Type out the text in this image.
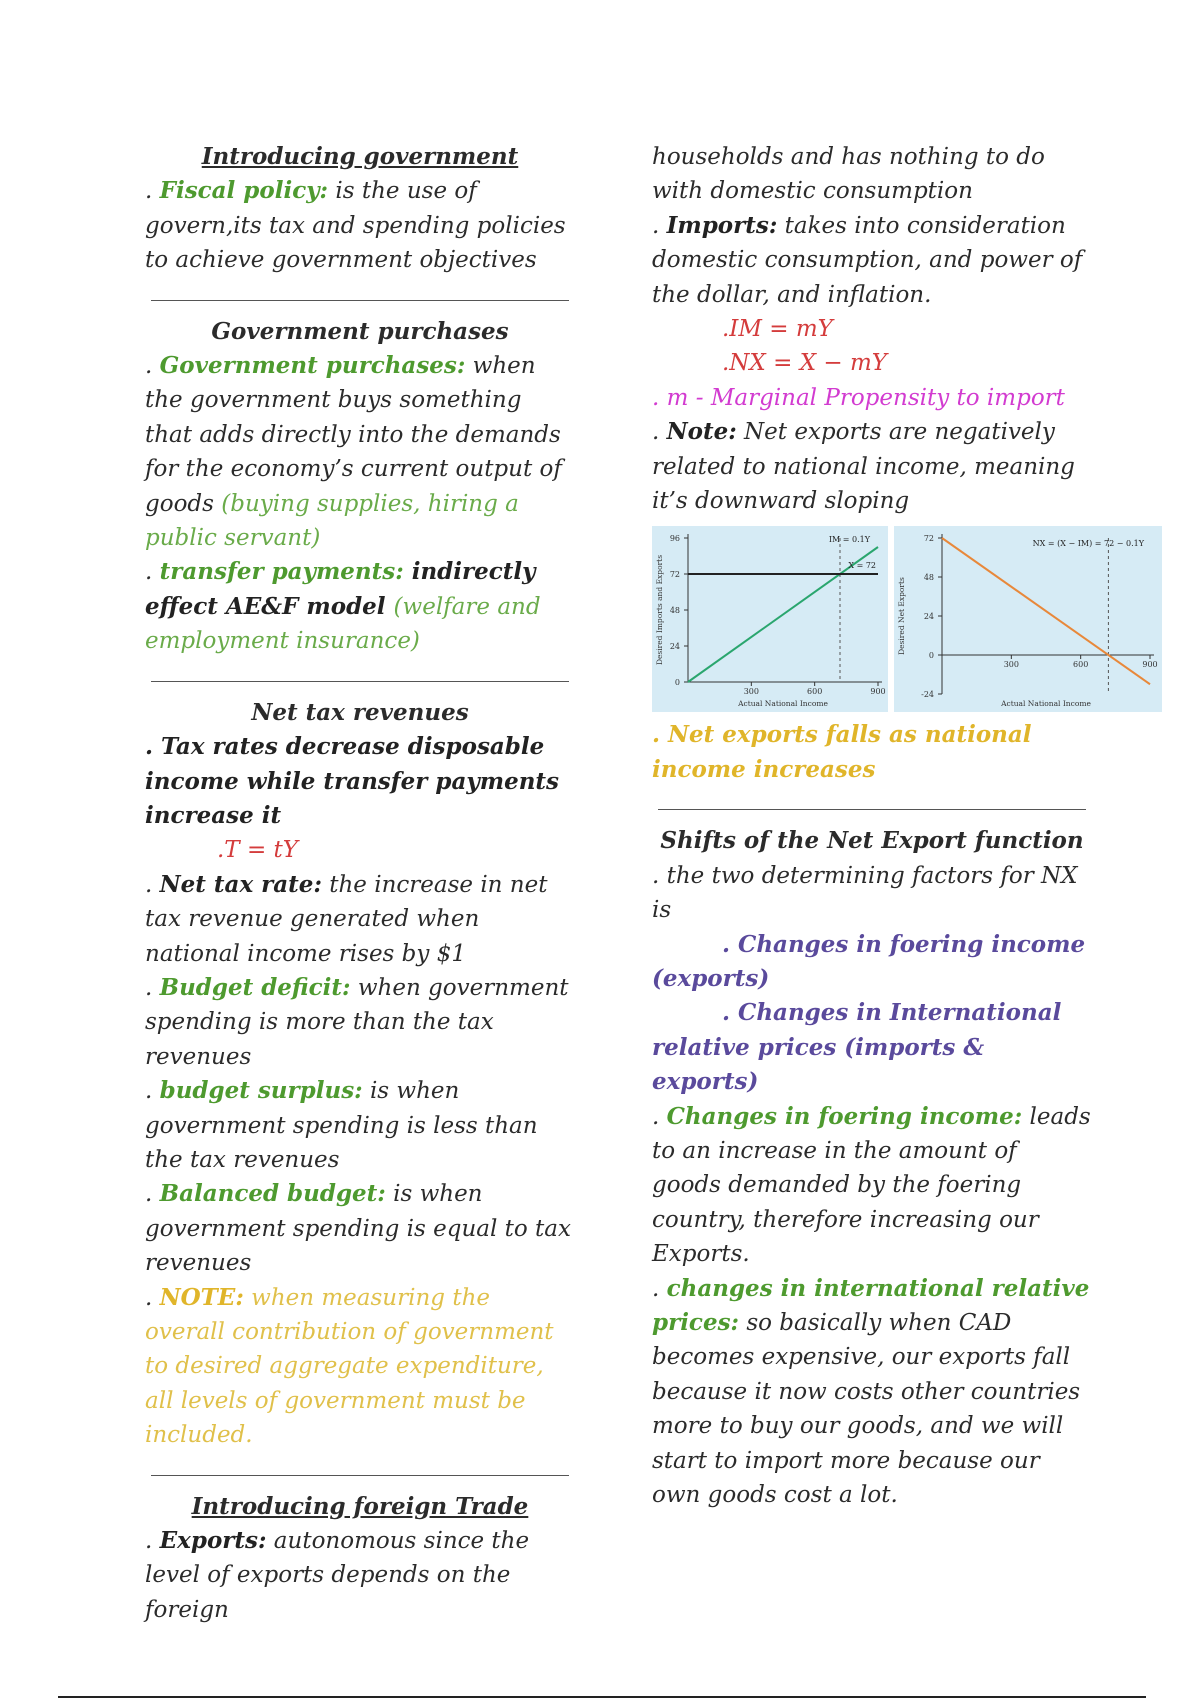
Introducing government

. Fiscal policy: is the use of govern,its tax and spending policies to achieve government objectives

Government purchases

. Government purchases: when the government buys something that adds directly into the demands for the economy’s current output of goods (buying supplies, hiring a public servant)

. transfer payments: indirectly effect AE&F model (welfare and employment insurance)

Net tax revenues

. Tax rates decrease disposable income while transfer payments increase it

.T = tY

. Net tax rate: the increase in net tax revenue generated when national income rises by $1

. Budget deficit: when government spending is more than the tax revenues

. budget surplus: is when government spending is less than the tax revenues

. Balanced budget: is when government spending is equal to tax revenues

. NOTE: when measuring the overall contribution of government to desired aggregate expenditure, all levels of government must be included.

Introducing foreign Trade

. Exports: autonomous since the level of exports depends on the foreign

households and has nothing to do with domestic consumption

. Imports: takes into consideration domestic consumption, and power of the dollar, and inflation.

.IM = mY

.NX = X − mY

. m - Marginal Propensity to import

. Note: Net exports are negatively related to national income, meaning it’s downward sloping

0
24
48
72
96
300	600	900
IM = 0.1Y
X = 72
Actual National Income
Desired Imports and Exports
-24
0
24
48
72
300	600	900
NX = (X − IM) = 72 − 0.1Y
Actual National Income
Desired Net Exports

. Net exports falls as national income increases

Shifts of the Net Export function

. the two determining factors for NX is

. Changes in foering income
(exports)

. Changes in International
relative prices (imports & exports)

. Changes in foering income: leads to an increase in the amount of goods demanded by the foering country, therefore increasing our Exports.

. changes in international relative prices: so basically when CAD becomes expensive, our exports fall because it now costs other countries more to buy our goods, and we will start to import more because our own goods cost a lot.
